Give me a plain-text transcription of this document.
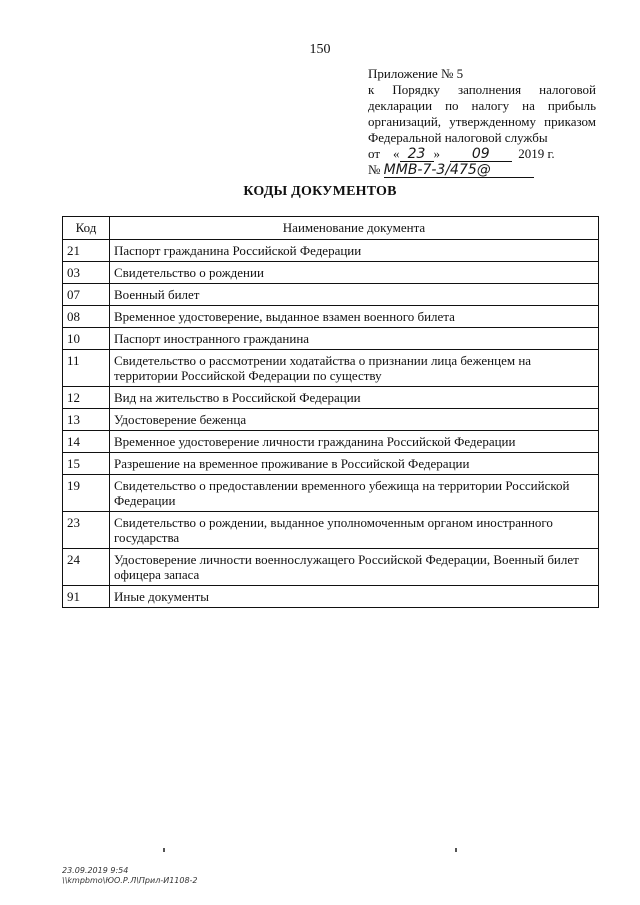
150
Приложение № 5
к Порядку заполнения налоговой
декларации по налогу на прибыль
организаций, утвержденному приказом
Федеральной налоговой службы
от « 23 » 09 2019 г.
№ ММВ-7-3/475@
КОДЫ ДОКУМЕНТОВ
Код	Наименование документа
21	Паспорт гражданина Российской Федерации
03	Свидетельство о рождении
07	Военный билет
08	Временное удостоверение, выданное взамен военного билета
10	Паспорт иностранного гражданина
11	Свидетельство о рассмотрении ходатайства о признании лица беженцем на территории Российской Федерации по существу
12	Вид на жительство в Российской Федерации
13	Удостоверение беженца
14	Временное удостоверение личности гражданина Российской Федерации
15	Разрешение на временное проживание в Российской Федерации
19	Свидетельство о предоставлении временного убежища на территории Российской Федерации
23	Свидетельство о рождении, выданное уполномоченным органом иностранного государства
24	Удостоверение личности военнослужащего Российской Федерации, Военный билет офицера запаса
91	Иные документы
23.09.2019 9:54
\\kmpbmo\ЮО.Р.Л\Прил-И1108-2
